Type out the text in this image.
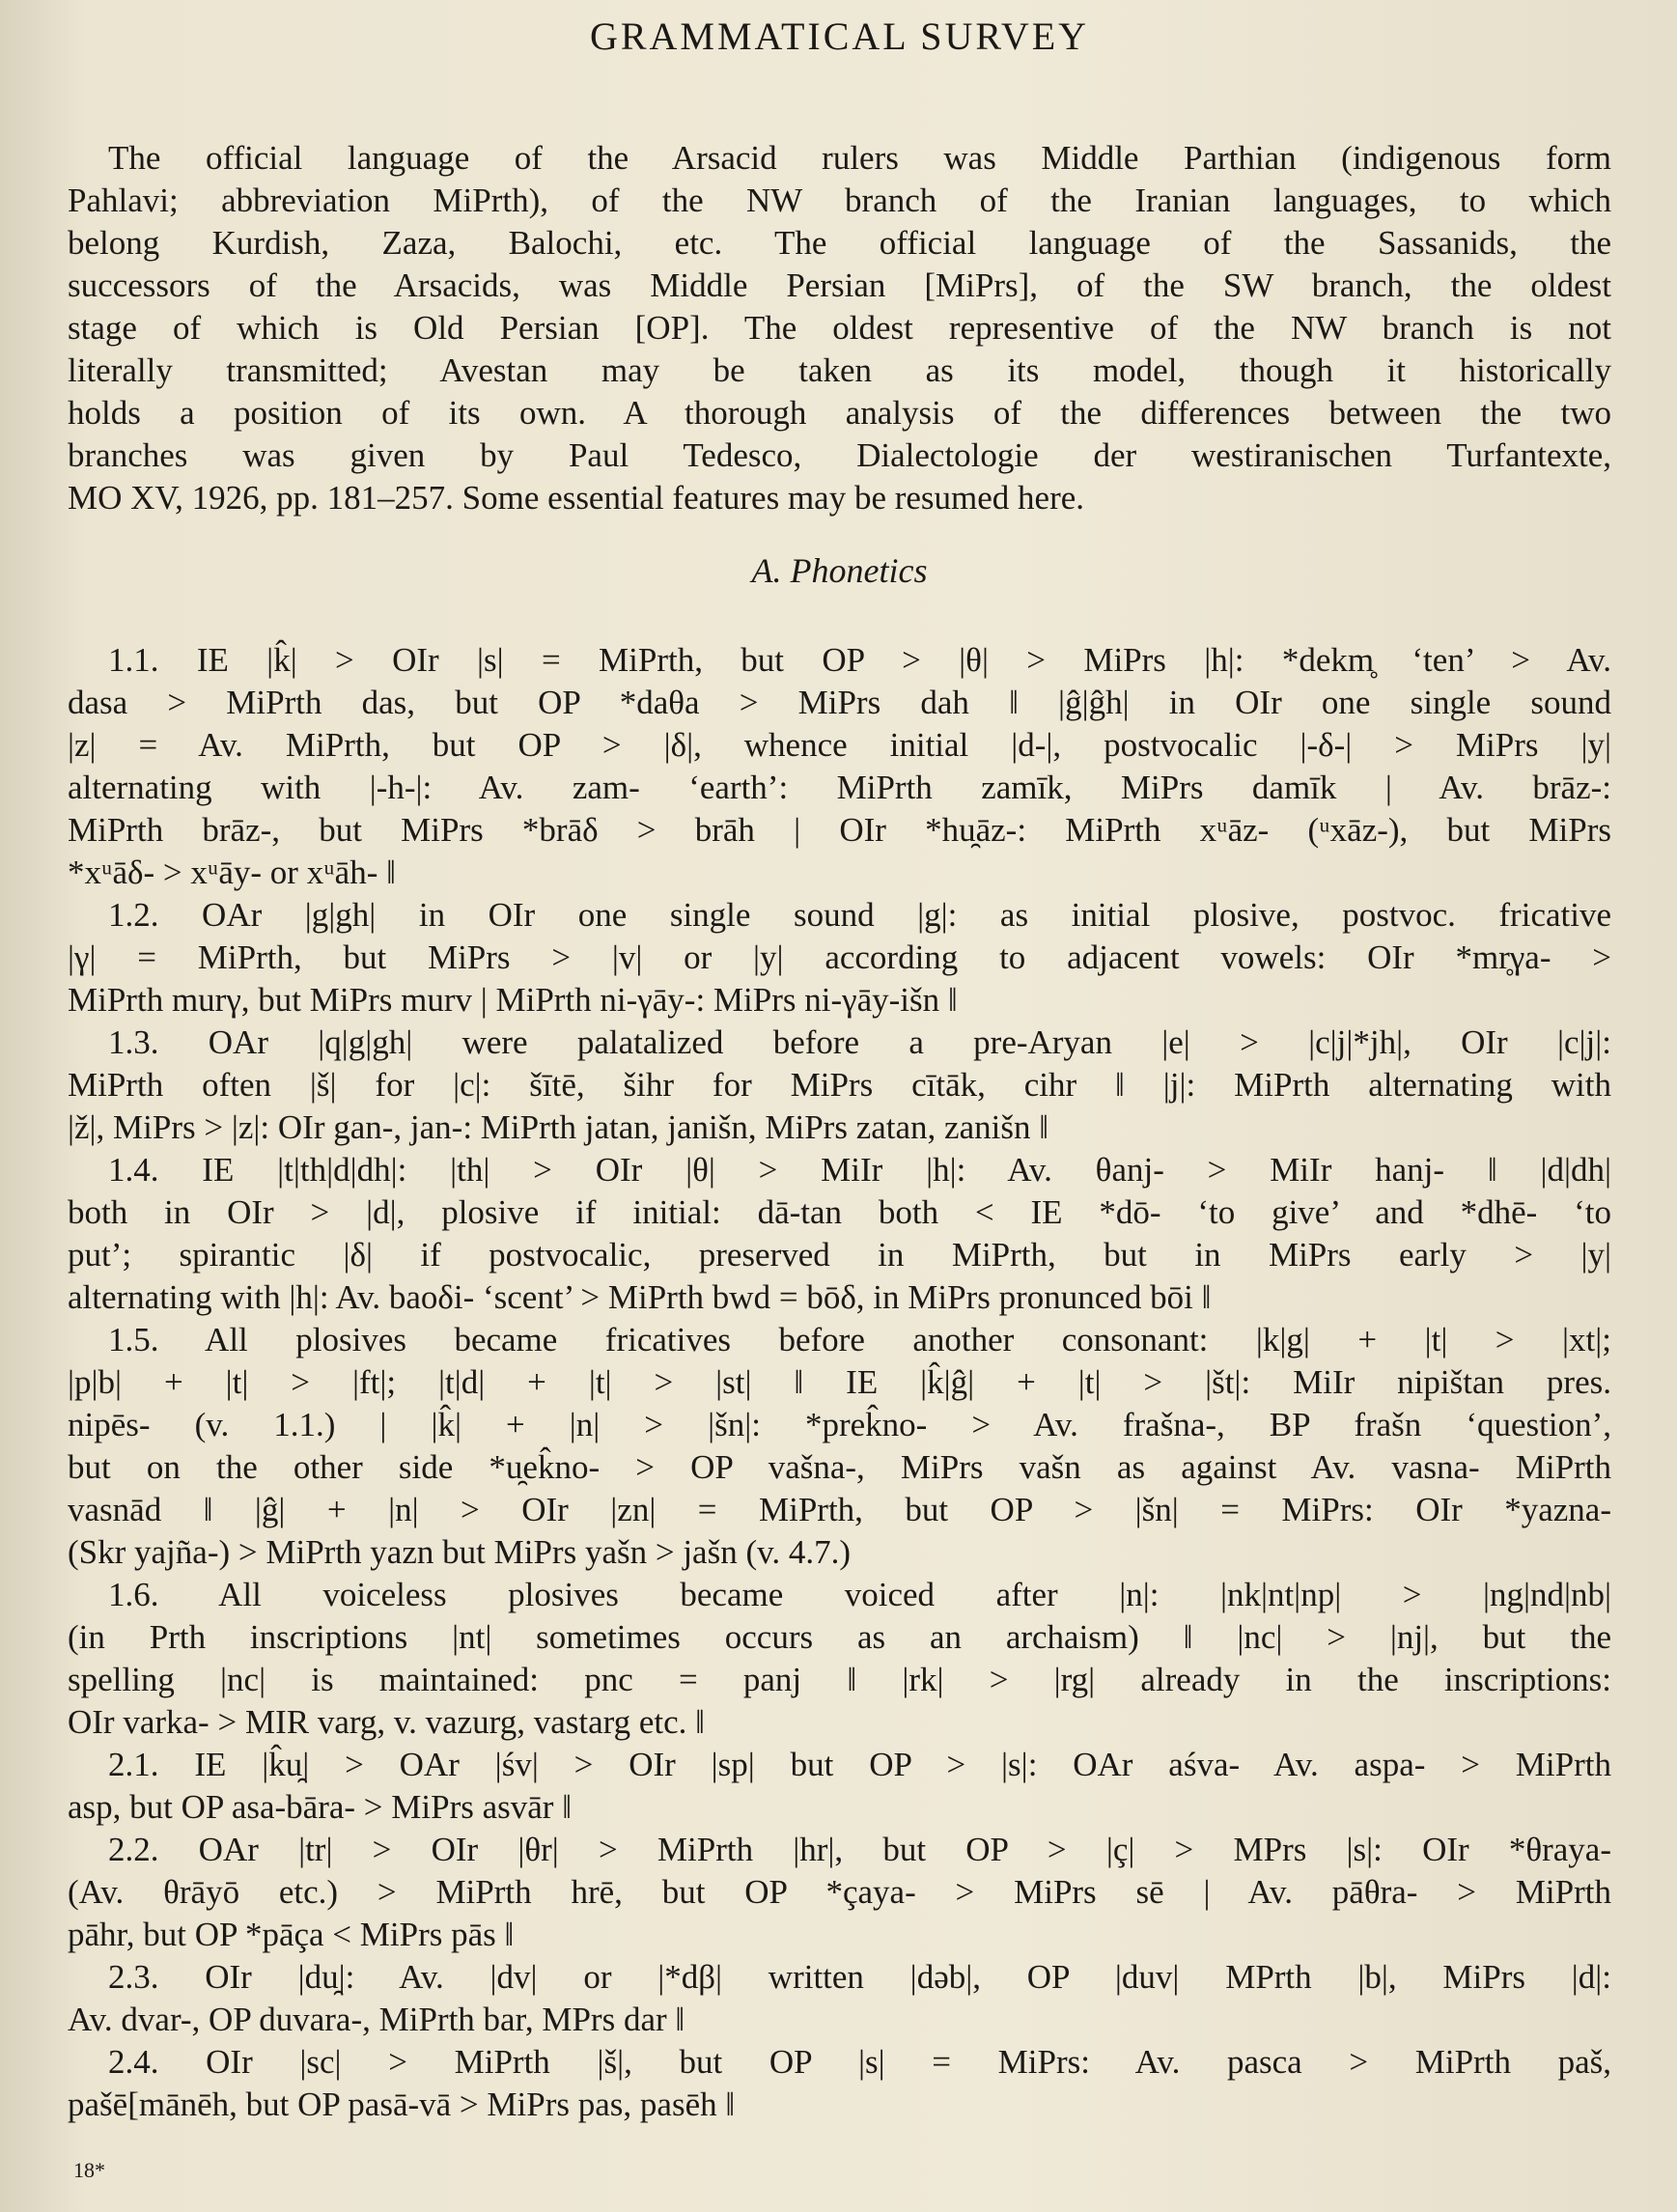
GRAMMATICAL SURVEY
The official language of the Arsacid rulers was Middle Parthian (indigenous form
Pahlavi; abbreviation MiPrth), of the NW branch of the Iranian languages, to which
belong Kurdish, Zaza, Balochi, etc. The official language of the Sassanids, the
successors of the Arsacids, was Middle Persian [MiPrs], of the SW branch, the oldest
stage of which is Old Persian [OP]. The oldest representive of the NW branch is not
literally transmitted; Avestan may be taken as its model, though it historically
holds a position of its own. A thorough analysis of the differences between the two
branches was given by Paul Tedesco, Dialectologie der westiranischen Turfantexte,
MO XV, 1926, pp. 181–257. Some essential features may be resumed here.
A. Phonetics
1.1. IE |k̂| > OIr |s| = MiPrth, but OP > |θ| > MiPrs |h|: *dekm̥ ‘ten’ > Av.
dasa > MiPrth das, but OP *daθa > MiPrs dah ‖ |ĝ|ĝh| in OIr one single sound
|z| = Av. MiPrth, but OP > |δ|, whence initial |d-|, postvocalic |-δ-| > MiPrs |y|
alternating with |-h-|: Av. zam- ‘earth’: MiPrth zamīk, MiPrs damīk | Av. brāz-:
MiPrth brāz-, but MiPrs *brāδ > brāh | OIr *hu̯āz-: MiPrth xᵘāz- (ᵘxāz-), but MiPrs
*xᵘāδ- > xᵘāy- or xᵘāh- ‖
1.2. OAr |g|gh| in OIr one single sound |g|: as initial plosive, postvoc. fricative
|γ| = MiPrth, but MiPrs > |v| or |y| according to adjacent vowels: OIr *mr̥γa- >
MiPrth murγ, but MiPrs murv | MiPrth ni-γāy-: MiPrs ni-γāy-išn ‖
1.3. OAr |q|g|gh| were palatalized before a pre-Aryan |e| > |c|j|*jh|, OIr |c|j|:
MiPrth often |š| for |c|: šītē, šihr for MiPrs cītāk, cihr ‖ |j|: MiPrth alternating with
|ž|, MiPrs > |z|: OIr gan-, jan-: MiPrth jatan, janišn, MiPrs zatan, zanišn ‖
1.4. IE |t|th|d|dh|: |th| > OIr |θ| > MiIr |h|: Av. θanj- > MiIr hanj- ‖ |d|dh|
both in OIr > |d|, plosive if initial: dā-tan both < IE *dō- ‘to give’ and *dhē- ‘to
put’; spirantic |δ| if postvocalic, preserved in MiPrth, but in MiPrs early > |y|
alternating with |h|: Av. baoδi- ‘scent’ > MiPrth bwd = bōδ, in MiPrs pronunced bōi ‖
1.5. All plosives became fricatives before another consonant: |k|g| + |t| > |xt|;
|p|b| + |t| > |ft|; |t|d| + |t| > |st| ‖ IE |k̂|ĝ| + |t| > |št|: MiIr nipištan pres.
nipēs- (v. 1.1.) | |k̂| + |n| > |šn|: *prek̂no- > Av. frašna-, BP frašn ‘question’,
but on the other side *u̯ek̂no- > OP vašna-, MiPrs vašn as against Av. vasna- MiPrth
vasnād ‖ |ĝ| + |n| > OIr |zn| = MiPrth, but OP > |šn| = MiPrs: OIr *yazna-
(Skr yajña-) > MiPrth yazn but MiPrs yašn > jašn (v. 4.7.)
1.6. All voiceless plosives became voiced after |n|: |nk|nt|np| > |ng|nd|nb|
(in Prth inscriptions |nt| sometimes occurs as an archaism) ‖ |nc| > |nj|, but the
spelling |nc| is maintained: pnc = panj ‖ |rk| > |rg| already in the inscriptions:
OIr varka- > MIR varg, v. vazurg, vastarg etc. ‖
2.1. IE |k̂u̯| > OAr |śv| > OIr |sp| but OP > |s|: OAr aśva- Av. aspa- > MiPrth
asp, but OP asa-bāra- > MiPrs asvār ‖
2.2. OAr |tr| > OIr |θr| > MiPrth |hr|, but OP > |ç| > MPrs |s|: OIr *θraya-
(Av. θrāyō etc.) > MiPrth hrē, but OP *çaya- > MiPrs sē | Av. pāθra- > MiPrth
pāhr, but OP *pāça < MiPrs pās ‖
2.3. OIr |du̯|: Av. |dv| or |*dβ| written |dəb|, OP |duv| MPrth |b|, MiPrs |d|:
Av. dvar-, OP duvara-, MiPrth bar, MPrs dar ‖
2.4. OIr |sc| > MiPrth |š|, but OP |s| = MiPrs: Av. pasca > MiPrth paš,
pašē[mānēh, but OP pasā-vā > MiPrs pas, pasēh ‖
18*
